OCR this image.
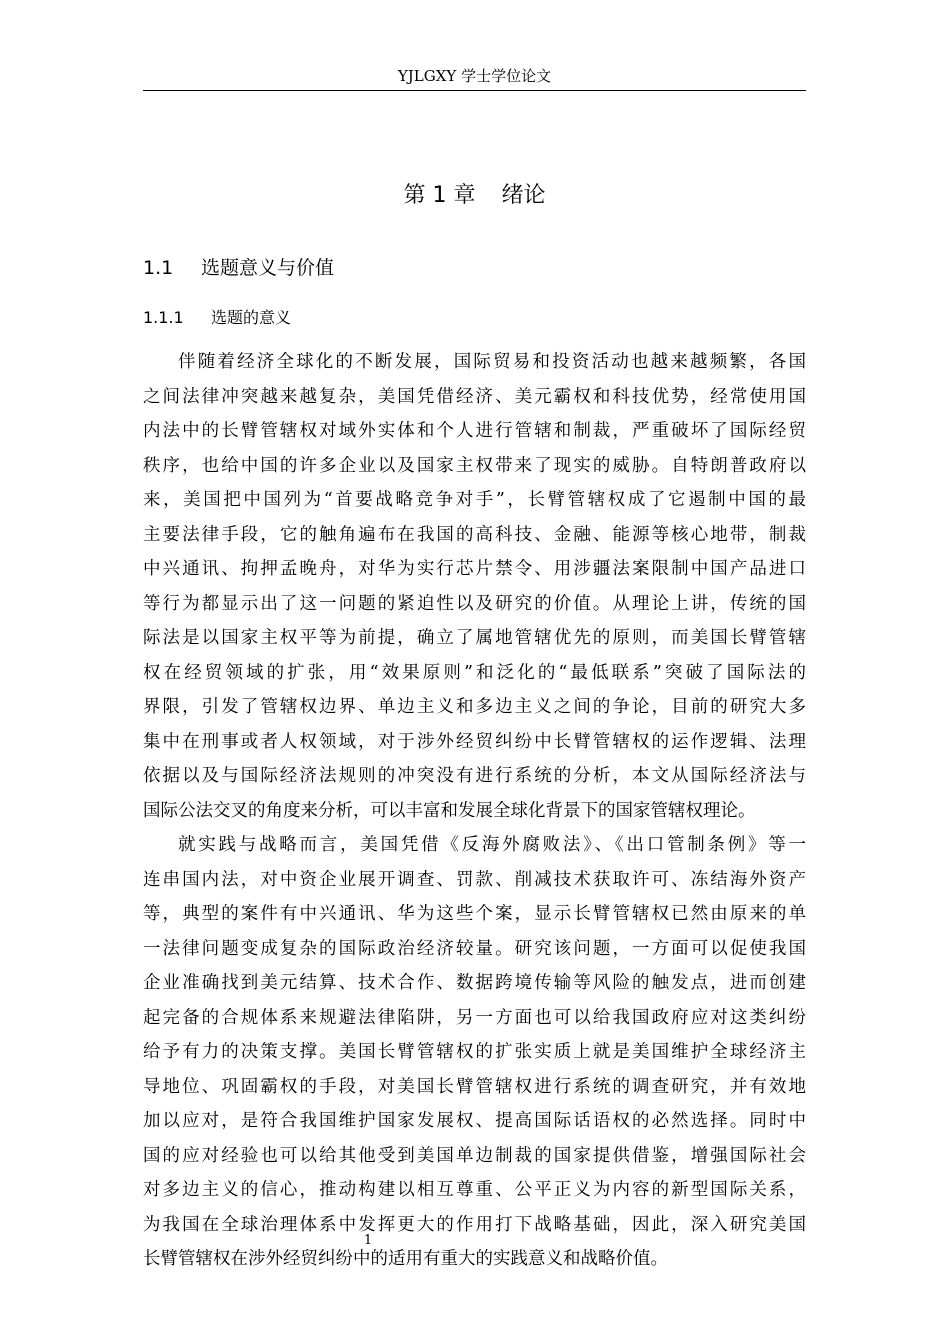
YJLGXY 学士学位论文
第 1 章 绪论
1.1 选题意义与价值
1.1.1 选题的意义
伴随着经济全球化的不断发展，国际贸易和投资活动也越来越频繁，各国
之间法律冲突越来越复杂，美国凭借经济、美元霸权和科技优势，经常使用国
内法中的长臂管辖权对域外实体和个人进行管辖和制裁，严重破坏了国际经贸
秩序，也给中国的许多企业以及国家主权带来了现实的威胁。自特朗普政府以
来，美国把中国列为“首要战略竞争对手”，长臂管辖权成了它遏制中国的最
主要法律手段，它的触角遍布在我国的高科技、金融、能源等核心地带，制裁
中兴通讯、拘押孟晚舟，对华为实行芯片禁令、用涉疆法案限制中国产品进口
等行为都显示出了这一问题的紧迫性以及研究的价值。从理论上讲，传统的国
际法是以国家主权平等为前提，确立了属地管辖优先的原则，而美国长臂管辖
权在经贸领域的扩张，用“效果原则”和泛化的“最低联系”突破了国际法的
界限，引发了管辖权边界、单边主义和多边主义之间的争论，目前的研究大多
集中在刑事或者人权领域，对于涉外经贸纠纷中长臂管辖权的运作逻辑、法理
依据以及与国际经济法规则的冲突没有进行系统的分析，本文从国际经济法与
国际公法交叉的角度来分析，可以丰富和发展全球化背景下的国家管辖权理论。
就实践与战略而言，美国凭借《反海外腐败法》、《出口管制条例》等一
连串国内法，对中资企业展开调查、罚款、削减技术获取许可、冻结海外资产
等，典型的案件有中兴通讯、华为这些个案，显示长臂管辖权已然由原来的单
一法律问题变成复杂的国际政治经济较量。研究该问题，一方面可以促使我国
企业准确找到美元结算、技术合作、数据跨境传输等风险的触发点，进而创建
起完备的合规体系来规避法律陷阱，另一方面也可以给我国政府应对这类纠纷
给予有力的决策支撑。美国长臂管辖权的扩张实质上就是美国维护全球经济主
导地位、巩固霸权的手段，对美国长臂管辖权进行系统的调查研究，并有效地
加以应对，是符合我国维护国家发展权、提高国际话语权的必然选择。同时中
国的应对经验也可以给其他受到美国单边制裁的国家提供借鉴，增强国际社会
对多边主义的信心，推动构建以相互尊重、公平正义为内容的新型国际关系，
为我国在全球治理体系中发挥更大的作用打下战略基础，因此，深入研究美国
长臂管辖权在涉外经贸纠纷中的适用有重大的实践意义和战略价值。
1
